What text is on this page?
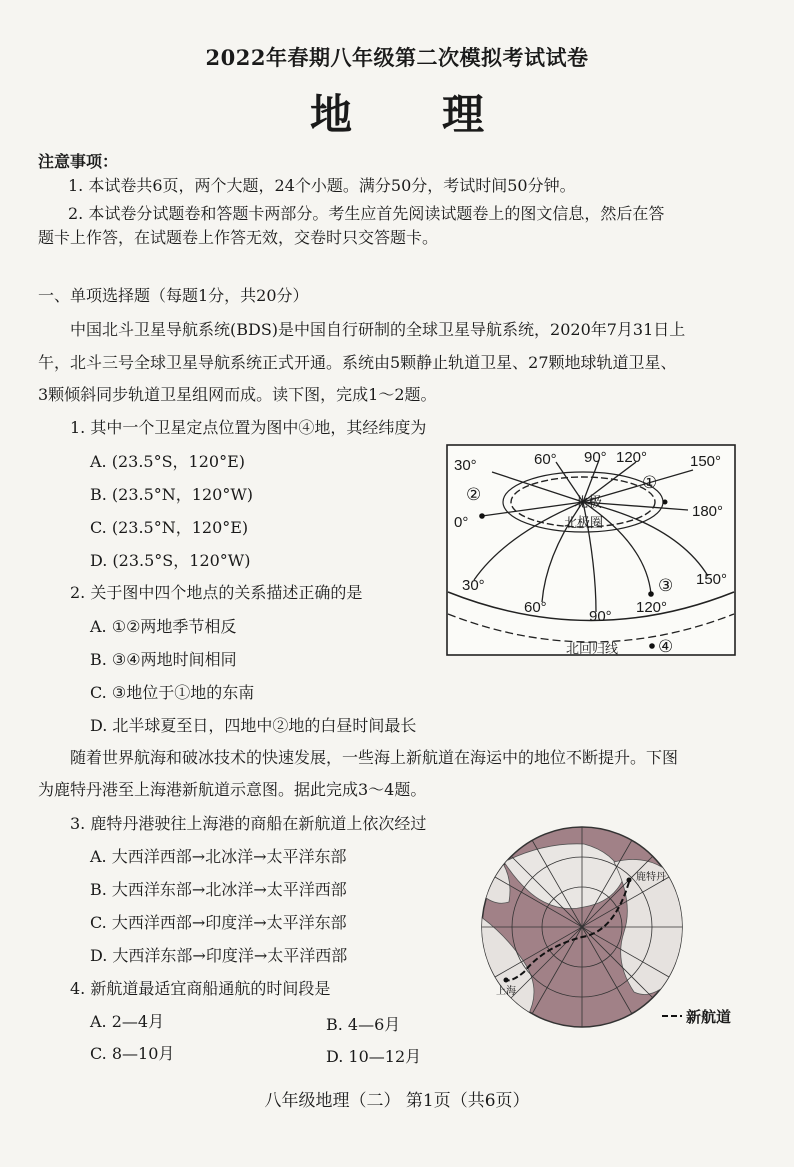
2022年春期八年级第二次模拟考试试卷
地理
注意事项：
1. 本试卷共6页，两个大题，24个小题。满分50分，考试时间50分钟。
2. 本试卷分试题卷和答题卡两部分。考生应首先阅读试题卷上的图文信息，然后在答
题卡上作答，在试题卷上作答无效，交卷时只交答题卡。
一、单项选择题（每题1分，共20分）
中国北斗卫星导航系统(BDS)是中国自行研制的全球卫星导航系统，2020年7月31日上
午，北斗三号全球卫星导航系统正式开通。系统由5颗静止轨道卫星、27颗地球轨道卫星、
3颗倾斜同步轨道卫星组网而成。读下图，完成1～2题。
1. 其中一个卫星定点位置为图中④地，其经纬度为
A. (23.5°S，120°E)
B. (23.5°N，120°W)
C. (23.5°N，120°E)
D. (23.5°S，120°W)
2. 关于图中四个地点的关系描述正确的是
A. ①②两地季节相反
B. ③④两地时间相同
C. ③地位于①地的东南
D. 北半球夏至日，四地中②地的白昼时间最长
随着世界航海和破冰技术的快速发展，一些海上新航道在海运中的地位不断提升。下图
为鹿特丹港至上海港新航道示意图。据此完成3～4题。
3. 鹿特丹港驶往上海港的商船在新航道上依次经过
A. 大西洋西部→北冰洋→太平洋东部
B. 大西洋东部→北冰洋→太平洋西部
C. 大西洋西部→印度洋→太平洋东部
D. 大西洋东部→印度洋→太平洋西部
4. 新航道最适宜商船通航的时间段是
A. 2—4月	B. 4—6月
C. 8—10月	D. 10—12月
30°	60° 90° 120°	150°
0°
180°
30°
60°
90°
120°
150°
北极
北极圈
北回归线
①
②
③
④
鹿特丹
上海
新航道
八年级地理（二） 第1页（共6页）
